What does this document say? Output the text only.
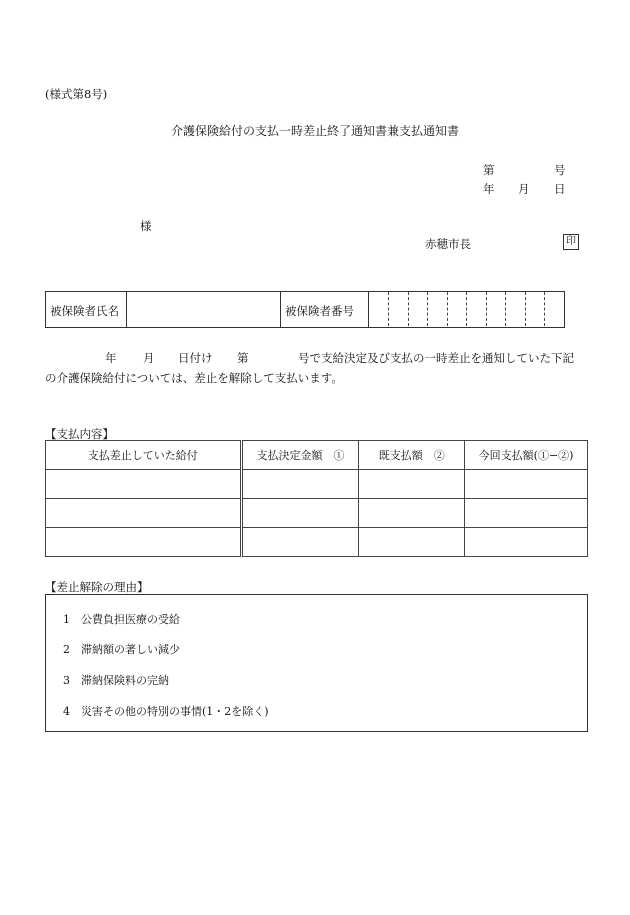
(様式第8号)
介護保険給付の支払一時差止終了通知書兼支払通知書
第	号
年 月 日
様
赤穂市長	印
被保険者氏名	被保険者番号
年 月 日付け 第	号で支給決定及び支払の一時差止を通知していた下記
の介護保険給付については、差止を解除して支払います。
【支払内容】
支払差止していた給付	支払決定金額　①	既支払額　②	今回支払額(①−②)

【差止解除の理由】
1　公費負担医療の受給
2　滞納額の著しい減少
3　滞納保険料の完納
4　災害その他の特別の事情(1・2を除く)
